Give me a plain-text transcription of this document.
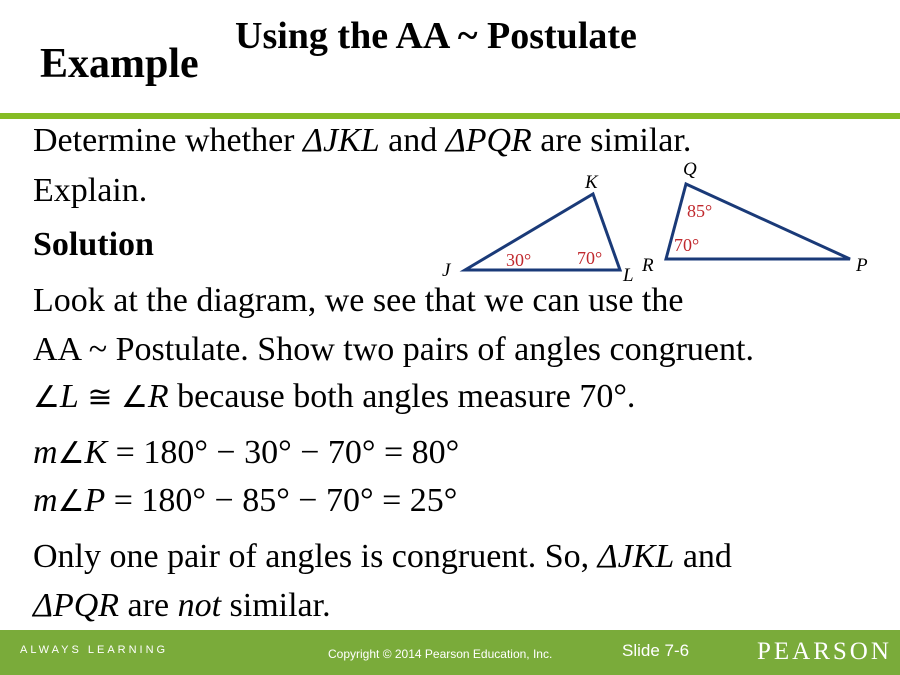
Example
Using the AA ~ Postulate
Determine whether ΔJKL and ΔPQR are similar.
Explain.
Solution
Look at the diagram, we see that we can use the
AA ~ Postulate. Show two pairs of angles congruent.
∠L ≅ ∠R because both angles measure 70°.
m∠K = 180° − 30° − 70° = 80°
m∠P = 180° − 85° − 70° = 25°
Only one pair of angles is congruent. So, ΔJKL and
ΔPQR are not similar.
J
K
L
30°	70°
Q
R	P
85°
70°
ALWAYS LEARNING	Copyright © 2014 Pearson Education, Inc.	Slide 7-6	PEARSON
